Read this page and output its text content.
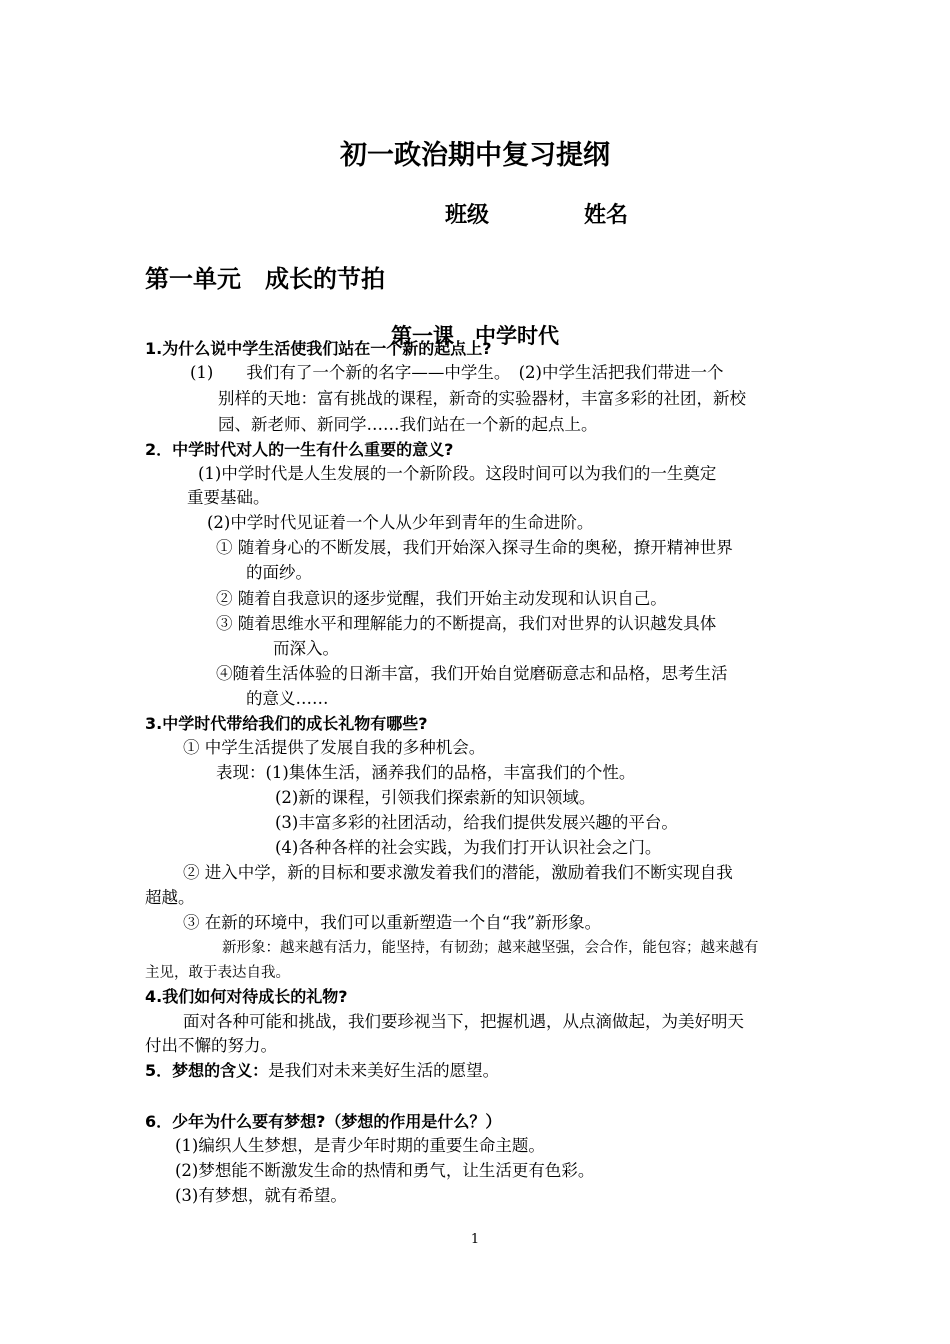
初一政治期中复习提纲
班级	姓名
第一单元　成长的节拍
第一课　中学时代
1.为什么说中学生活使我们站在一个新的起点上?
(1)　　我们有了一个新的名字——中学生。　(2)中学生活把我们带进一个
别样的天地：富有挑战的课程，新奇的实验器材，丰富多彩的社团，新校
园、新老师、新同学……我们站在一个新的起点上。
2．中学时代对人的一生有什么重要的意义?
(1)中学时代是人生发展的一个新阶段。这段时间可以为我们的一生奠定
重要基础。
(2)中学时代见证着一个人从少年到青年的生命进阶。
① 随着身心的不断发展，我们开始深入探寻生命的奥秘，撩开精神世界
的面纱。
② 随着自我意识的逐步觉醒，我们开始主动发现和认识自己。
③ 随着思维水平和理解能力的不断提高，我们对世界的认识越发具体
而深入。
④随着生活体验的日渐丰富，我们开始自觉磨砺意志和品格，思考生活
的意义……
3.中学时代带给我们的成长礼物有哪些?
① 中学生活提供了发展自我的多种机会。
表现：(1)集体生活，涵养我们的品格，丰富我们的个性。
(2)新的课程，引领我们探索新的知识领域。
(3)丰富多彩的社团活动，给我们提供发展兴趣的平台。
(4)各种各样的社会实践，为我们打开认识社会之门。
② 进入中学，新的目标和要求激发着我们的潜能，激励着我们不断实现自我
超越。
③ 在新的环境中，我们可以重新塑造一个自“我”新形象。
新形象：越来越有活力，能坚持，有韧劲；越来越坚强，会合作，能包容；越来越有
主见，敢于表达自我。
4.我们如何对待成长的礼物?
面对各种可能和挑战，我们要珍视当下，把握机遇，从点滴做起，为美好明天
付出不懈的努力。
5．梦想的含义：是我们对未来美好生活的愿望。
6．少年为什么要有梦想?（梦想的作用是什么？）
(1)编织人生梦想，是青少年时期的重要生命主题。
(2)梦想能不断激发生命的热情和勇气，让生活更有色彩。
(3)有梦想，就有希望。
1
